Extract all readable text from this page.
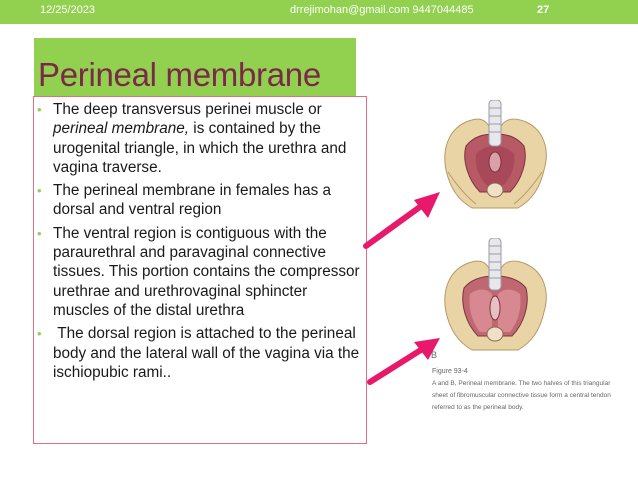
12/25/2023	drrejimohan@gmail.com 9447044485	27
Perineal membrane
• The deep transversus perinei muscle or perineal membrane, is contained by the urogenital triangle, in which the urethra and vagina traverse.
• The perineal membrane in females has a dorsal and ventral region
• The ventral region is contiguous with the paraurethral and paravaginal connective tissues. This portion contains the compressor urethrae and urethrovaginal sphincter muscles of the distal urethra
•  The dorsal region is attached to the perineal body and the lateral wall of the vagina via the ischiopubic rami..
B
Figure 93-4
A and B, Perineal membrane. The two halves of this triangular sheet of fibromuscular connective tissue form a central tendon referred to as the perineal body.
